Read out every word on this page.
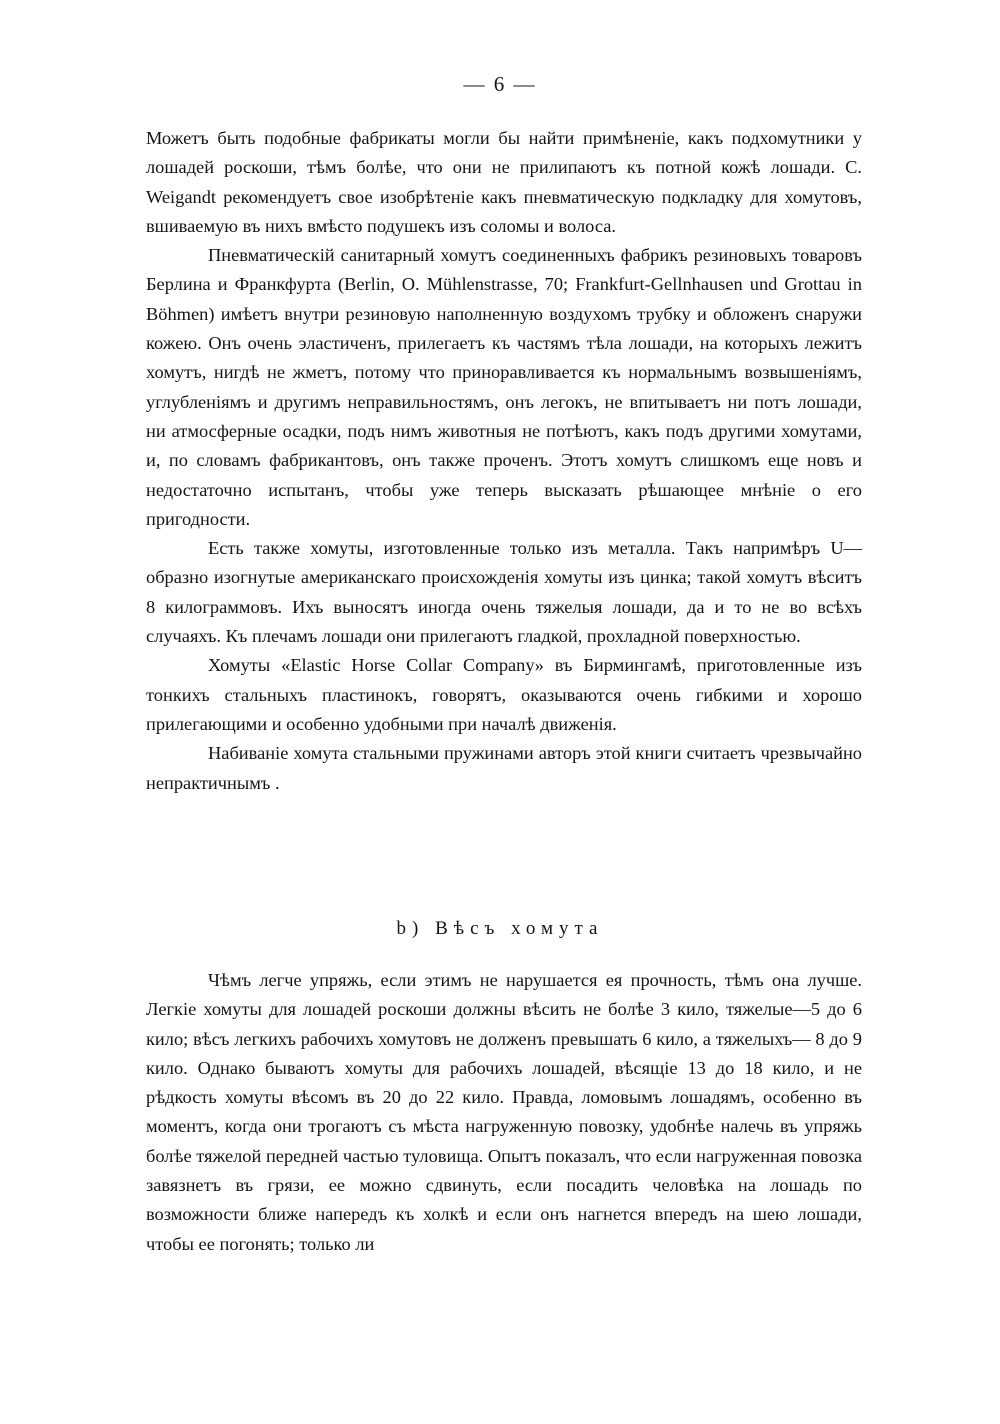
— 6 —

Можетъ быть подобные фабрикаты могли бы найти примѣненіе, какъ подхомутники у лошадей роскоши, тѣмъ болѣе, что они не прилипаютъ къ потной кожѣ лошади. C. Weigandt рекомендуетъ свое изобрѣтеніе какъ пневматическую подкладку для хомутовъ, вшиваемую въ нихъ вмѣсто подушекъ изъ соломы и волоса.

Пневматическій санитарный хомутъ соединенныхъ фабрикъ резиновыхъ товаровъ Берлина и Франкфурта (Berlin, O. Mühlenstrasse, 70; Frankfurt-Gellnhausen und Grottau in Böhmen) имѣетъ внутри резиновую наполненную воздухомъ трубку и обложенъ снаружи кожею. Онъ очень эластиченъ, прилегаетъ къ частямъ тѣла лошади, на которыхъ лежитъ хомутъ, нигдѣ не жметъ, потому что приноравливается къ нормальнымъ возвышеніямъ, углубленіямъ и другимъ неправильностямъ, онъ легокъ, не впитываетъ ни потъ лошади, ни атмосферные осадки, подъ нимъ животныя не потѣютъ, какъ подъ другими хомутами, и, по словамъ фабрикантовъ, онъ также проченъ. Этотъ хомутъ слишкомъ еще новъ и недостаточно испытанъ, чтобы уже теперь высказать рѣшающее мнѣніе о его пригодности.

Есть также хомуты, изготовленные только изъ металла. Такъ напримѣръ U—образно изогнутые американскаго происхожденія хомуты изъ цинка; такой хомутъ вѣситъ 8 килограммовъ. Ихъ выносятъ иногда очень тяжелыя лошади, да и то не во всѣхъ случаяхъ. Къ плечамъ лошади они прилегаютъ гладкой, прохладной поверхностью.

Хомуты «Elastic Horse Collar Company» въ Бирмингамѣ, приготовленные изъ тонкихъ стальныхъ пластинокъ, говорятъ, оказываются очень гибкими и хорошо прилегающими и особенно удобными при началѣ движенія.

Набиваніе хомута стальными пружинами авторъ этой книги считаетъ чрезвычайно непрактичнымъ .

b) Вѣсъ хомута

Чѣмъ легче упряжь, если этимъ не нарушается ея прочность, тѣмъ она лучше. Легкіе хомуты для лошадей роскоши должны вѣсить не болѣе 3 кило, тяжелые—5 до 6 кило; вѣсъ легкихъ рабочихъ хомутовъ не долженъ превышать 6 кило, а тяжелыхъ— 8 до 9 кило. Однако бываютъ хомуты для рабочихъ лошадей, вѣсящіе 13 до 18 кило, и не рѣдкость хомуты вѣсомъ въ 20 до 22 кило. Правда, ломовымъ лошадямъ, особенно въ моментъ, когда они трогаютъ съ мѣста нагруженную повозку, удобнѣе налечь въ упряжь болѣе тяжелой передней частью туловища. Опытъ показалъ, что если нагруженная повозка завязнетъ въ грязи, ее можно сдвинуть, если посадить человѣка на лошадь по возможности ближе напередъ къ холкѣ и если онъ нагнется впередъ на шею лошади, чтобы ее погонять; только ли
